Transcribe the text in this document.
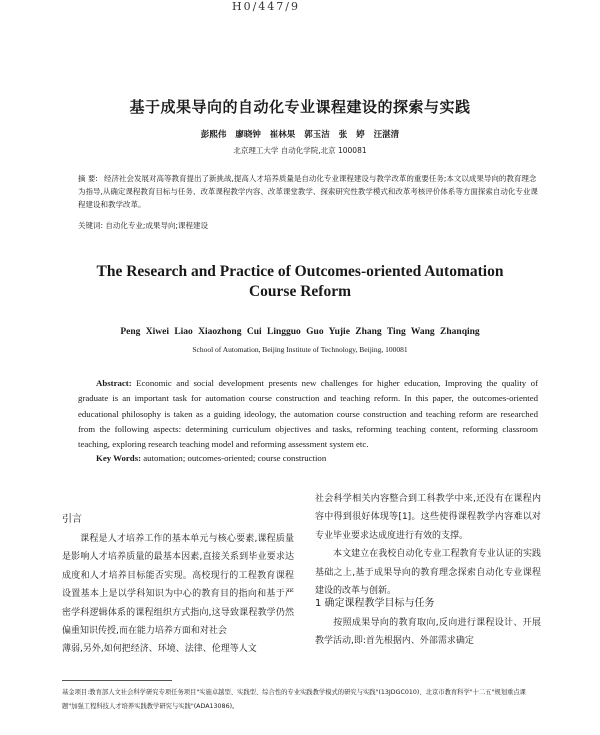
H0/447/9
基于成果导向的自动化专业课程建设的探索与实践
彭熙伟 廖晓钟 崔林果 郭玉洁 张 婷 汪湛清
北京理工大学 自动化学院,北京 100081
摘 要: 经济社会发展对高等教育提出了新挑战,提高人才培养质量是自动化专业课程建设与教学改革的重要任务;本文以成果导向的教育理念为指导,从确定课程教育目标与任务、改革课程教学内容、改革课堂教学、探索研究性教学模式和改革考核评价体系等方面探索自动化专业课程建设和教学改革。
关键词: 自动化专业;成果导向;课程建设
The Research and Practice of Outcomes-oriented Automation
Course Reform
Peng Xiwei Liao Xiaozhong Cui Lingguo Guo Yujie Zhang Ting Wang Zhanqing
School of Automation, Beijing Institute of Technology, Beijing, 100081
Abstract: Economic and social development presents new challenges for higher education, Improving the quality of graduate is an important task for automation course construction and teaching reform. In this paper, the outcomes-oriented educational philosophy is taken as a guiding ideology, the automation course construction and teaching reform are researched from the following aspects: determining curriculum objectives and tasks, reforming teaching content, reforming classroom teaching, exploring research teaching model and reforming assessment system etc.
Key Words: automation; outcomes-oriented; course construction
引言

课程是人才培养工作的基本单元与核心要素,课程质量是影响人才培养质量的最基本因素,直接关系到毕业要求达成度和人才培养目标能否实现。高校现行的工程教育课程设置基本上是以学科知识为中心的教育目的指向和基于严密学科逻辑体系的课程组织方式指向,这导致课程教学仍然偏重知识传授,而在能力培养方面和对社会

薄弱,另外,如何把经济、环境、法律、伦理等人文

社会科学相关内容整合到工科教学中来,还没有在课程内容中得到很好体现等[1]。这些使得课程教学内容难以对专业毕业要求达成度进行有效的支撑。

本文建立在我校自动化专业工程教育专业认证的实践基础之上,基于成果导向的教育理念探索自动化专业课程建设的改革与创新。

1 确定课程教学目标与任务

按照成果导向的教育取向,反向进行课程设计、开展教学活动,即:首先根据内、外部需求确定

基金项目:教育部人文社会科学研究专项任务项目"实施卓越型、实践型、综合性的专业实践教学模式的研究与实践"(13JDGC010)、北京市教育科学"十二五"规划重点课题"加强工程科技人才培养实践教学研究与实践"(ADA13086)。
